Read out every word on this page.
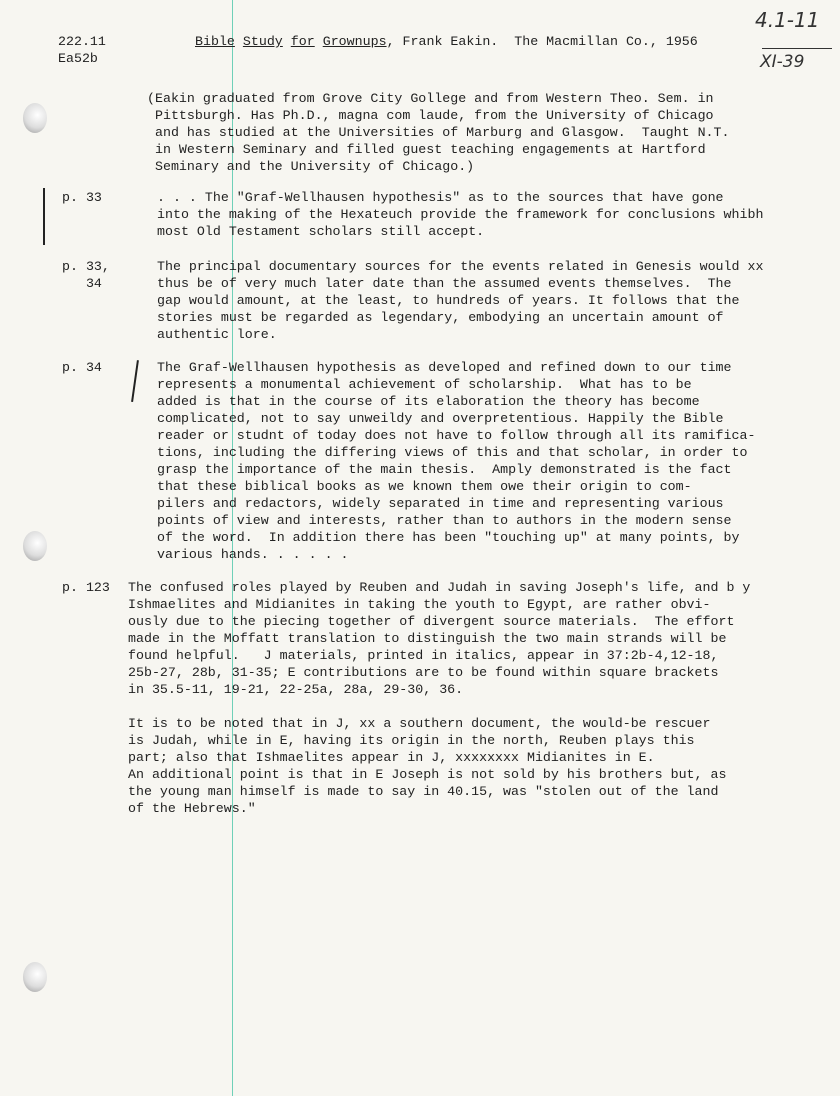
4.1-11
XI-39
222.11
Ea52b
Bible Study for Grownups, Frank Eakin.  The Macmillan Co., 1956
(Eakin graduated from Grove City Gollege and from Western Theo. Sem. in
Pittsburgh. Has Ph.D., magna com laude, from the University of Chicago
and has studied at the Universities of Marburg and Glasgow.  Taught N.T.
in Western Seminary and filled guest teaching engagements at Hartford
Seminary and the University of Chicago.)
p. 33	. . . The "Graf-Wellhausen hypothesis" as to the sources that have gone
into the making of the Hexateuch provide the framework for conclusions whibh
most Old Testament scholars still accept.
p. 33,
34
The principal documentary sources for the events related in Genesis would xx
thus be of very much later date than the assumed events themselves.  The
gap would amount, at the least, to hundreds of years. It follows that the
stories must be regarded as legendary, embodying an uncertain amount of
authentic lore.
p. 34	The Graf-Wellhausen hypothesis as developed and refined down to our time
represents a monumental achievement of scholarship.  What has to be
added is that in the course of its elaboration the theory has become
complicated, not to say unweildy and overpretentious. Happily the Bible
reader or studnt of today does not have to follow through all its ramifica-
tions, including the differing views of this and that scholar, in order to
grasp the importance of the main thesis.  Amply demonstrated is the fact
that these biblical books as we known them owe their origin to com-
pilers and redactors, widely separated in time and representing various
points of view and interests, rather than to authors in the modern sense
of the word.  In addition there has been "touching up" at many points, by
various hands. . . . . .
p. 123 The confused roles played by Reuben and Judah in saving Joseph's life, and b y
Ishmaelites and Midianites in taking the youth to Egypt, are rather obvi-
ously due to the piecing together of divergent source materials.  The effort
made in the Moffatt translation to distinguish the two main strands will be
found helpful.   J materials, printed in italics, appear in 37:2b-4,12-18,
25b-27, 28b, 31-35; E contributions are to be found within square brackets
in 35.5-11, 19-21, 22-25a, 28a, 29-30, 36.
It is to be noted that in J, xx a southern document, the would-be rescuer
is Judah, while in E, having its origin in the north, Reuben plays this
part; also that Ishmaelites appear in J, xxxxxxxx Midianites in E.
An additional point is that in E Joseph is not sold by his brothers but, as
the young man himself is made to say in 40.15, was "stolen out of the land
of the Hebrews."
